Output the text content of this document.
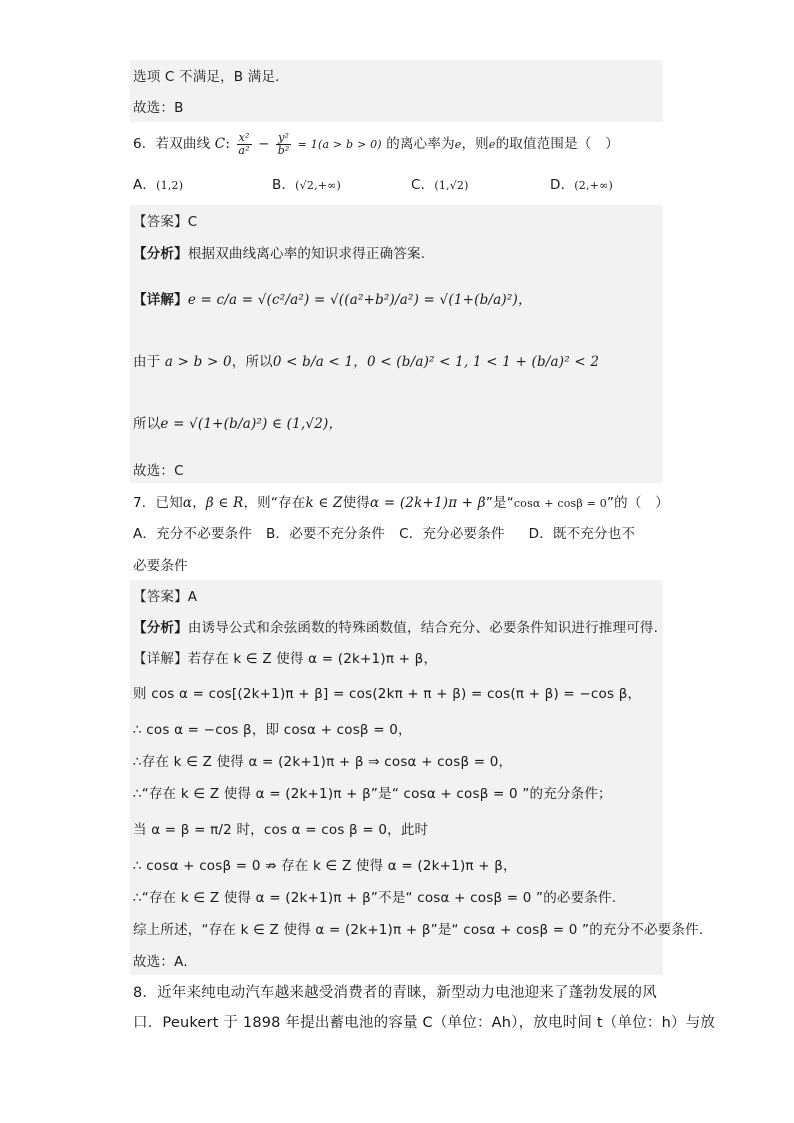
选项 C 不满足，B 满足.
故选：B
6．若双曲线 C: $\frac{\text{x²}}{\text{a²}} - \frac{\text{y²}}{\text{b²}} = 1(a > b > 0)$ 的离心率为e，则e的取值范围是（　）
A．(1,2)	B．(√2,+∞)	C．(1,√2)	D．(2,+∞)
【答案】C
【分析】根据双曲线离心率的知识求得正确答案.
【详解】e = c/a = √(c²/a²) = √((a²+b²)/a²) = √(1+(b/a)²)，
由于 a > b > 0，所以0 < b/a < 1，0 < (b/a)² < 1, 1 < 1 + (b/a)² < 2
所以e = √(1+(b/a)²) ∈ (1,√2)，
故选：C
7．已知α，β ∈ R，则“存在k ∈ Z使得α = (2k+1)π + β”是“cosα + cosβ = 0”的（　）
A．充分不必要条件 B．必要不充分条件 C．充分必要条件 D．既不充分也不
必要条件
【答案】A
【分析】由诱导公式和余弦函数的特殊函数值，结合充分、必要条件知识进行推理可得.
【详解】若存在 k ∈ Z 使得 α = (2k+1)π + β，
则 cos α = cos[(2k+1)π + β] = cos(2kπ + π + β) = cos(π + β) = −cos β，
∴ cos α = −cos β，即 cosα + cosβ = 0，
∴存在 k ∈ Z 使得 α = (2k+1)π + β ⇒ cosα + cosβ = 0，
∴“存在 k ∈ Z 使得 α = (2k+1)π + β”是“ cosα + cosβ = 0 ”的充分条件；
当 α = β = π/2 时，cos α = cos β = 0，此时
∴ cosα + cosβ = 0 ⇏ 存在 k ∈ Z 使得 α = (2k+1)π + β，
∴“存在 k ∈ Z 使得 α = (2k+1)π + β”不是“ cosα + cosβ = 0 ”的必要条件.
综上所述，“存在 k ∈ Z 使得 α = (2k+1)π + β”是“ cosα + cosβ = 0 ”的充分不必要条件.
故选：A.
8．近年来纯电动汽车越来越受消费者的青睐，新型动力电池迎来了蓬勃发展的风
口．Peukert 于 1898 年提出蓄电池的容量 C（单位：Ah），放电时间 t（单位：h）与放
